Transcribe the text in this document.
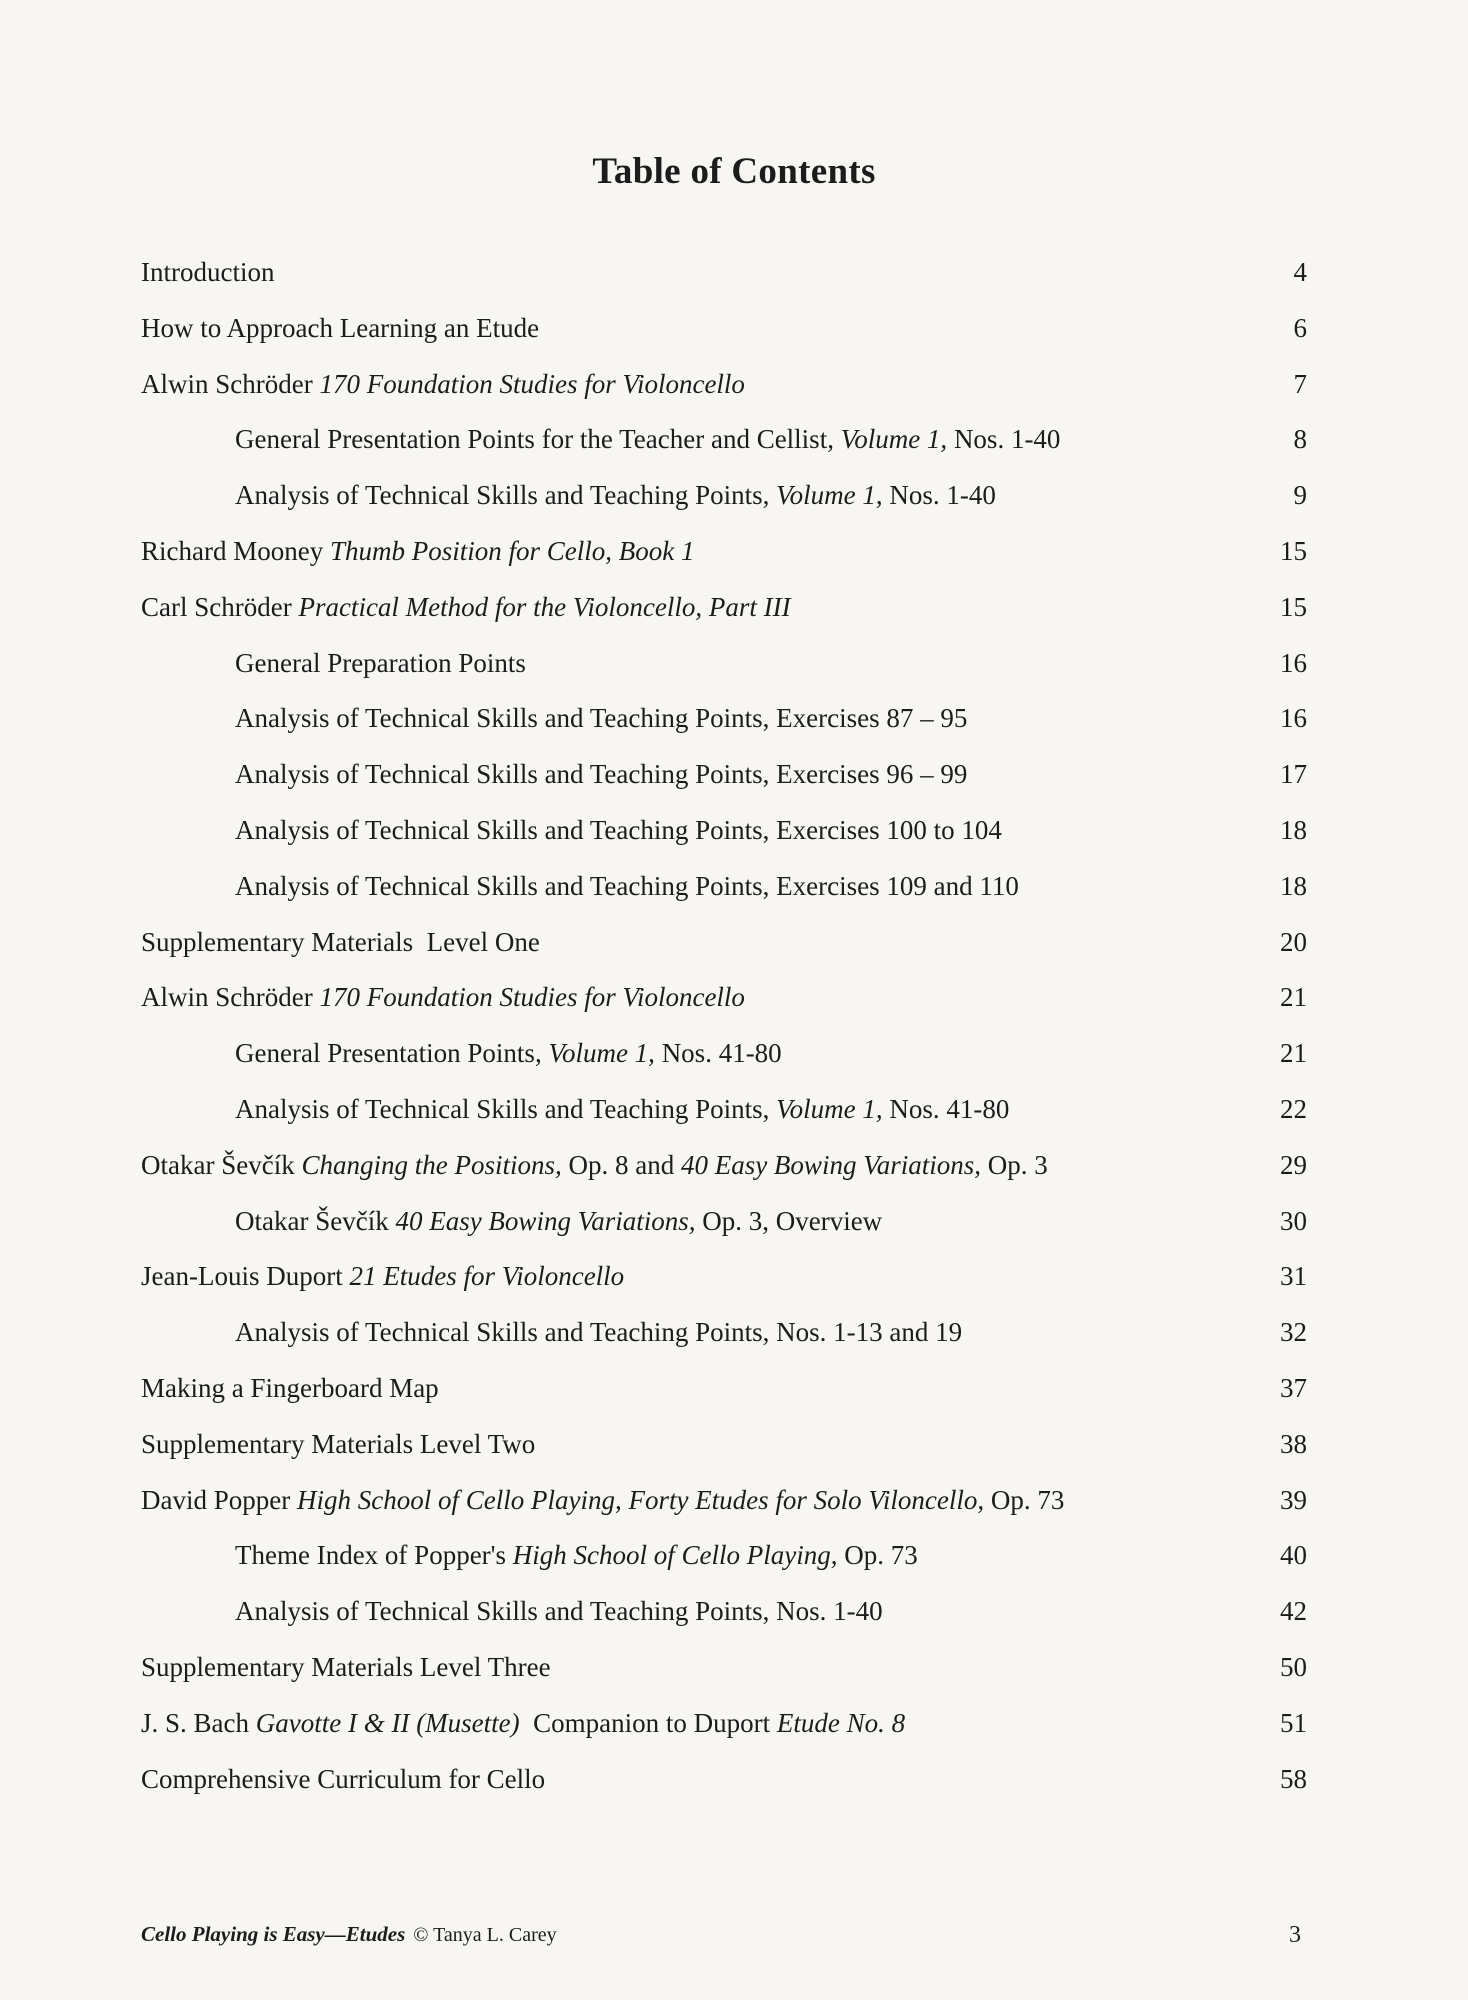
Table of Contents
Introduction	4
How to Approach Learning an Etude	6
Alwin Schröder 170 Foundation Studies for Violoncello	7
General Presentation Points for the Teacher and Cellist, Volume 1, Nos. 1-40	8
Analysis of Technical Skills and Teaching Points, Volume 1, Nos. 1-40	9
Richard Mooney Thumb Position for Cello, Book 1	15
Carl Schröder Practical Method for the Violoncello, Part III	15
General Preparation Points	16
Analysis of Technical Skills and Teaching Points, Exercises 87 – 95	16
Analysis of Technical Skills and Teaching Points, Exercises 96 – 99	17
Analysis of Technical Skills and Teaching Points, Exercises 100 to 104	18
Analysis of Technical Skills and Teaching Points, Exercises 109 and 110	18
Supplementary Materials  Level One	20
Alwin Schröder 170 Foundation Studies for Violoncello	21
General Presentation Points, Volume 1, Nos. 41-80	21
Analysis of Technical Skills and Teaching Points, Volume 1, Nos. 41-80	22
Otakar Ševčík Changing the Positions, Op. 8 and 40 Easy Bowing Variations, Op. 3	29
Otakar Ševčík 40 Easy Bowing Variations, Op. 3, Overview	30
Jean-Louis Duport 21 Etudes for Violoncello	31
Analysis of Technical Skills and Teaching Points, Nos. 1-13 and 19	32
Making a Fingerboard Map	37
Supplementary Materials Level Two	38
David Popper High School of Cello Playing, Forty Etudes for Solo Viloncello, Op. 73	39
Theme Index of Popper's High School of Cello Playing, Op. 73	40
Analysis of Technical Skills and Teaching Points, Nos. 1-40	42
Supplementary Materials Level Three	50
J. S. Bach Gavotte I & II (Musette)  Companion to Duport Etude No. 8	51
Comprehensive Curriculum for Cello	58
Cello Playing is Easy—Etudes © Tanya L. Carey	3
